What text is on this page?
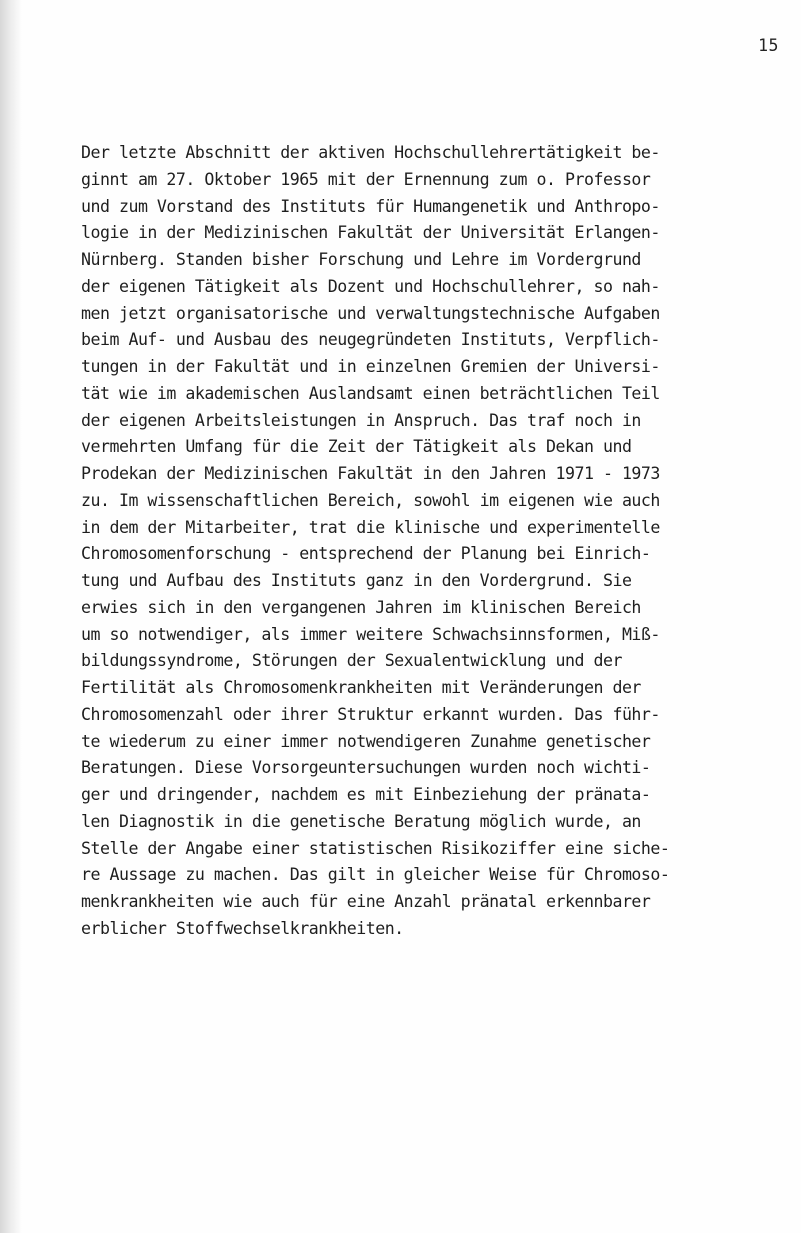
15
Der letzte Abschnitt der aktiven Hochschullehrertätigkeit be-
ginnt am 27. Oktober 1965 mit der Ernennung zum o. Professor
und zum Vorstand des Instituts für Humangenetik und Anthropo-
logie in der Medizinischen Fakultät der Universität Erlangen-
Nürnberg. Standen bisher Forschung und Lehre im Vordergrund
der eigenen Tätigkeit als Dozent und Hochschullehrer, so nah-
men jetzt organisatorische und verwaltungstechnische Aufgaben
beim Auf- und Ausbau des neugegründeten Instituts, Verpflich-
tungen in der Fakultät und in einzelnen Gremien der Universi-
tät wie im akademischen Auslandsamt einen beträchtlichen Teil
der eigenen Arbeitsleistungen in Anspruch. Das traf noch in
vermehrten Umfang für die Zeit der Tätigkeit als Dekan und
Prodekan der Medizinischen Fakultät in den Jahren 1971 - 1973
zu. Im wissenschaftlichen Bereich, sowohl im eigenen wie auch
in dem der Mitarbeiter, trat die klinische und experimentelle
Chromosomenforschung - entsprechend der Planung bei Einrich-
tung und Aufbau des Instituts ganz in den Vordergrund. Sie
erwies sich in den vergangenen Jahren im klinischen Bereich
um so notwendiger, als immer weitere Schwachsinnsformen, Miß-
bildungssyndrome, Störungen der Sexualentwicklung und der
Fertilität als Chromosomenkrankheiten mit Veränderungen der
Chromosomenzahl oder ihrer Struktur erkannt wurden. Das führ-
te wiederum zu einer immer notwendigeren Zunahme genetischer
Beratungen. Diese Vorsorgeuntersuchungen wurden noch wichti-
ger und dringender, nachdem es mit Einbeziehung der pränata-
len Diagnostik in die genetische Beratung möglich wurde, an
Stelle der Angabe einer statistischen Risikoziffer eine siche-
re Aussage zu machen. Das gilt in gleicher Weise für Chromoso-
menkrankheiten wie auch für eine Anzahl pränatal erkennbarer
erblicher Stoffwechselkrankheiten.
